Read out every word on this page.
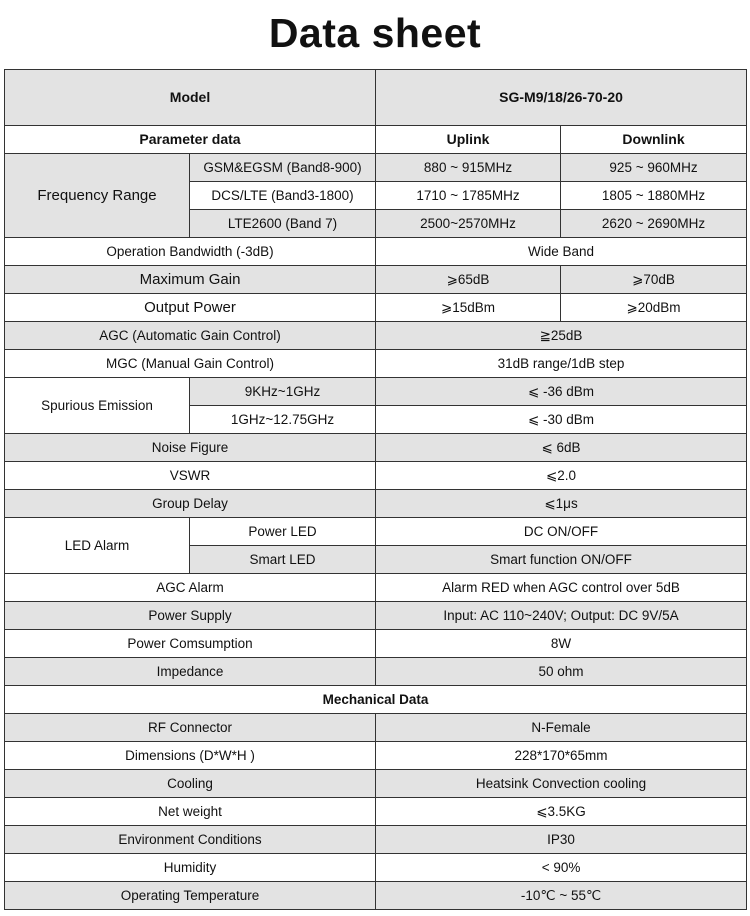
Data sheet
Model		SG-M9/18/26-70-20	
Parameter data		Uplink	Downlink
Frequency Range	GSM&EGSM (Band8-900)	880 ~ 915MHz	925 ~ 960MHz
	DCS/LTE (Band3-1800)	1710 ~ 1785MHz	1805 ~ 1880MHz
	LTE2600 (Band 7)	2500~2570MHz	2620 ~ 2690MHz
Operation Bandwidth (-3dB)		Wide Band	
Maximum Gain		⩾65dB	⩾70dB
Output Power		⩾15dBm	⩾20dBm
AGC (Automatic Gain Control)		≧25dB	
MGC (Manual Gain Control)		31dB range/1dB step	
Spurious Emission	9KHz~1GHz	⩽ -36 dBm	
	1GHz~12.75GHz	⩽ -30 dBm	
Noise Figure		⩽ 6dB	
VSWR		⩽2.0	
Group Delay		⩽1μs	
LED Alarm	Power LED	DC ON/OFF	
	Smart LED	Smart function ON/OFF	
AGC Alarm		Alarm RED when AGC control over 5dB	
Power Supply		Input: AC 110~240V; Output: DC 9V/5A	
Power Comsumption		8W	
Impedance		50 ohm	
Mechanical Data			
RF Connector		N-Female	
Dimensions (D*W*H )		228*170*65mm	
Cooling		Heatsink Convection cooling	
Net weight		⩽3.5KG	
Environment Conditions		IP30	
Humidity		< 90%	
Operating Temperature		-10℃ ~ 55℃	
